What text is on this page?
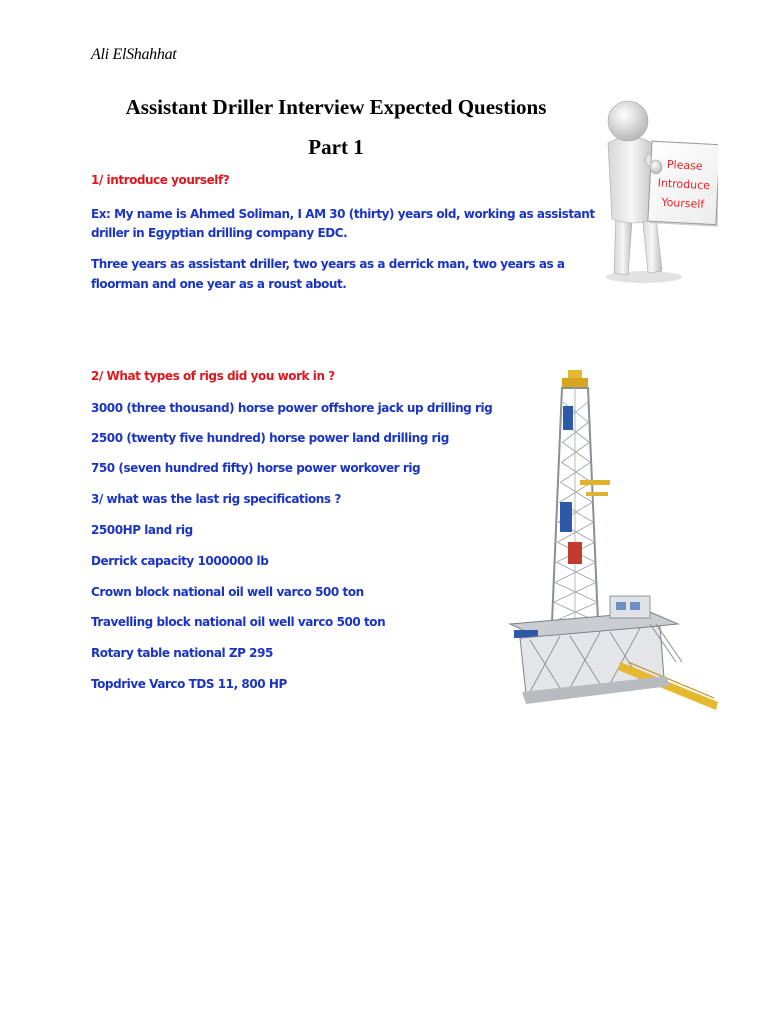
Ali ElShahhat
Assistant Driller Interview Expected Questions
Part 1
Please
Introduce
Yourself
1/ introduce yourself?
Ex: My name is Ahmed Soliman, I AM 30 (thirty) years old, working as assistant
driller in Egyptian drilling company EDC.
Three years as assistant driller, two years as a derrick man, two years as a
floorman and one year as a roust about.
2/ What types of rigs did you work in ?
3000 (three thousand) horse power offshore jack up drilling rig
2500 (twenty five hundred) horse power land drilling rig
750 (seven hundred fifty) horse power workover rig
3/ what was the last rig specifications ?
2500HP land rig
Derrick capacity 1000000 lb
Crown block national oil well varco 500 ton
Travelling block national oil well varco 500 ton
Rotary table national ZP 295
Topdrive Varco TDS 11, 800 HP
